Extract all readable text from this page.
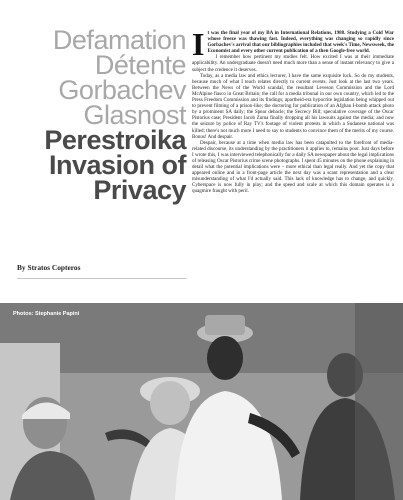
Defamation
Détente
Gorbachev
Glasnost
Perestroika
Invasion of
Privacy
By Stratos Copteros

I t was the final year of my BA in International Relations, 1988. Studying a Cold War whose freeze was thawing fast. Indeed, everything was changing so rapidly since Gorbachev's arrival that our bibliographies included that week's Time, Newsweek, the Economist and every other current publication of a then Google-free world.

I remember how pertinent my studies felt. How excited I was at their immediate applicability. An undergraduate doesn't need much more than a sense of instant relevancy to give a subject the credence it deserves.

Today, as a media law and ethics lecturer, I have the same exquisite luck. So do my students, because much of what I teach relates directly to current events. Just look at the last two years. Between the News of the World scandal, the resultant Leveson Commission and the Lord McAlpine fiasco in Great Britain; the call for a media tribunal in our own country, which led to the Press Freedom Commission and its findings; apartheid-era hypocrite legislation being whipped out to prevent filming of a prison-like; the doctoring for publication of an Afghan I-bomb attack photo by a prominent SA daily; the Spear debacle; the Secrecy Bill; speculative coverage of the Oscar Pistorius case; President Jacob Zuma finally dropping all his lawsuits against the media; and now the seizure by police of Ray TV's footage of violent protests in which a Sudanese national was killed; there's not much more I need to say to students to convince them of the merits of my course. Bonus! And despair.

Despair, because at a time when media law has been catapulted to the forefront of media-related discourse, its understanding by the practitioners it applies to, remains poor. Just days before I wrote this, I was interviewed telephonically for a daily SA newspaper about the legal implications of releasing Oscar Pistorius crime scene photographs. I spent 45 minutes on the phone explaining in detail what the potential implications were – more ethical than legal really. And yet the copy that appeared online and in a front-page article the next day was a scant representation and a clear misunderstanding of what I'd actually said. This lack of knowledge has to change, and quickly. Cyberspace is now fully in play; and the speed and scale at which this domain operates is a quagmire fraught with peril.

Photos: Stephanie Papini
